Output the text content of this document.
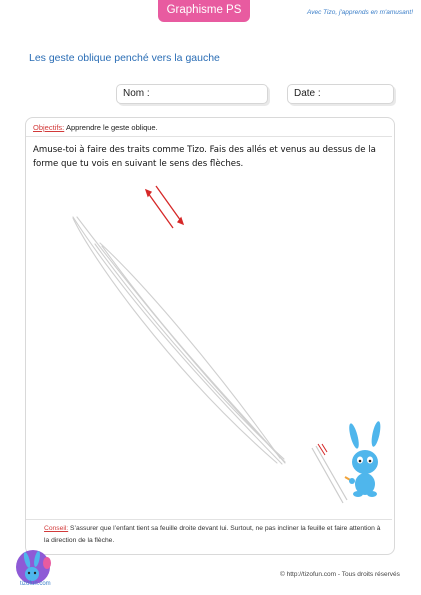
Graphisme PS	Avec Tizo, j'apprends en m'amusant!
Les geste oblique penché vers la gauche
Nom :	Date :
Objectifs: Apprendre le geste oblique.
Amuse-toi à faire des traits comme Tizo. Fais des allés et venus au dessus de la forme que tu vois en suivant le sens des flèches.
Conseil: S’assurer que l’enfant tient sa feuille droite devant lui. Surtout, ne pas incliner la feuille et faire attention à la direction de la flèche.
© http://tizofun.com - Tous droits réservés
tizofun.com
